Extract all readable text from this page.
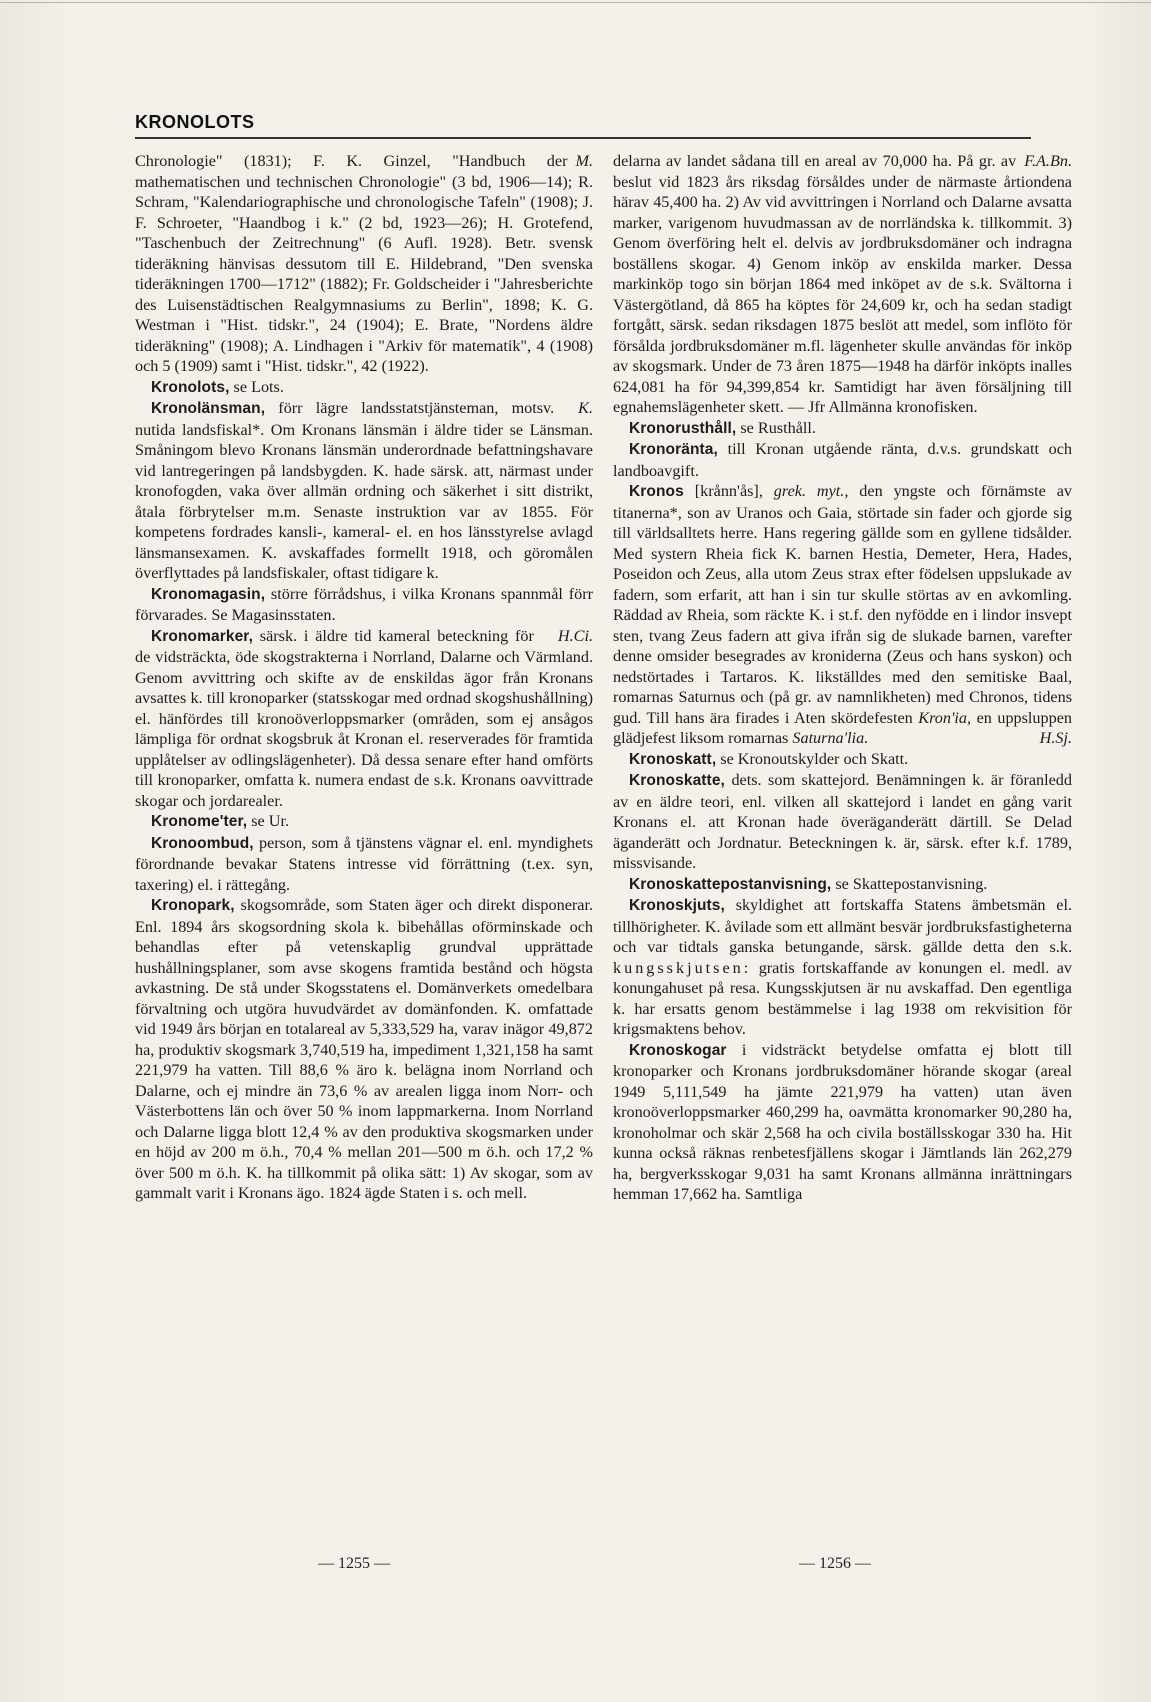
KRONOLOTS

M.
Chronologie" (1831); F. K. Ginzel, "Handbuch der mathematischen und technischen Chronologie" (3 bd, 1906—14); R. Schram, "Kalendariographische und chronologische Tafeln" (1908); J. F. Schroeter, "Haandbog i k." (2 bd, 1923—26); H. Grotefend, "Taschenbuch der Zeitrechnung" (6 Aufl. 1928). Betr. svensk tideräkning hänvisas dessutom till E. Hildebrand, "Den svenska tideräkningen 1700—1712" (1882); Fr. Goldscheider i "Jahresberichte des Luisenstädtischen Realgymnasiums zu Berlin", 1898; K. G. Westman i "Hist. tidskr.", 24 (1904); E. Brate, "Nordens äldre tideräkning" (1908); A. Lindhagen i "Arkiv för matematik", 4 (1908) och 5 (1909) samt i "Hist. tidskr.", 42 (1922).

Kronolots, se Lots.

Kronolänsman,	K.
förr lägre landsstatstjänsteman, motsv. nutida landsfiskal*. Om Kronans länsmän i äldre tider se Länsman. Småningom blevo Kronans länsmän underordnade befattningshavare vid lantregeringen på landsbygden. K. hade särsk. att, närmast under kronofogden, vaka över allmän ordning och säkerhet i sitt distrikt, åtala förbrytelser m.m. Senaste instruktion var av 1855. För kompetens fordrades kansli-, kameral- el. en hos länsstyrelse avlagd länsmansexamen. K. avskaffades formellt 1918, och göromålen överflyttades på landsfiskaler, oftast tidigare k.

Kronomagasin, större förrådshus, i vilka Kronans spannmål förr förvarades. Se Magasinsstaten.

Kronomarker,	H.Ci.
särsk. i äldre tid kameral beteckning för de vidsträckta, öde skogstrakterna i Norrland, Dalarne och Värmland. Genom avvittring och skifte av de enskildas ägor från Kronans avsattes k. till kronoparker (statsskogar med ordnad skogshushållning) el. hänfördes till kronoöverloppsmarker (områden, som ej ansågos lämpliga för ordnat skogsbruk åt Kronan el. reserverades för framtida upplåtelser av odlingslägenheter). Då dessa senare efter hand omförts till kronoparker, omfatta k. numera endast de s.k. Kronans oavvittrade skogar och jordarealer.

Kronome'ter, se Ur.

Kronoombud, person, som å tjänstens vägnar el. enl. myndighets förordnande bevakar Statens intresse vid förrättning (t.ex. syn, taxering) el. i rättegång.

Kronopark, skogsområde, som Staten äger och direkt disponerar. Enl. 1894 års skogsordning skola k. bibehållas oförminskade och behandlas efter på vetenskaplig grundval upprättade hushållningsplaner, som avse skogens framtida bestånd och högsta avkastning. De stå under Skogsstatens el. Domänverkets omedelbara förvaltning och utgöra huvudvärdet av domänfonden. K. omfattade vid 1949 års början en totalareal av 5,333,529 ha, varav inägor 49,872 ha, produktiv skogsmark 3,740,519 ha, impediment 1,321,158 ha samt 221,979 ha vatten. Till 88,6 % äro k. belägna inom Norrland och Dalarne, och ej mindre än 73,6 % av arealen ligga inom Norr- och Västerbottens län och över 50 % inom lappmarkerna. Inom Norrland och Dalarne ligga blott 12,4 % av den produktiva skogsmarken under en höjd av 200 m ö.h., 70,4 % mellan 201—500 m ö.h. och 17,2 % över 500 m ö.h. K. ha tillkommit på olika sätt: 1) Av skogar, som av gammalt varit i Kronans ägo. 1824 ägde Staten i s. och mell.

F.A.Bn.
delarna av landet sådana till en areal av 70,000 ha. På gr. av beslut vid 1823 års riksdag försåldes under de närmaste årtiondena härav 45,400 ha. 2) Av vid avvittringen i Norrland och Dalarne avsatta marker, varigenom huvudmassan av de norrländska k. tillkommit. 3) Genom överföring helt el. delvis av jordbruksdomäner och indragna boställens skogar. 4) Genom inköp av enskilda marker. Dessa markinköp togo sin början 1864 med inköpet av de s.k. Svältorna i Västergötland, då 865 ha köptes för 24,609 kr, och ha sedan stadigt fortgått, särsk. sedan riksdagen 1875 beslöt att medel, som inflöto för försålda jordbruksdomäner m.fl. lägenheter skulle användas för inköp av skogsmark. Under de 73 åren 1875—1948 ha därför inköpts inalles 624,081 ha för 94,399,854 kr. Samtidigt har även försäljning till egnahemslägenheter skett. — Jfr Allmänna kronofisken.

Kronorusthåll, se Rusthåll.

Kronoränta, till Kronan utgående ränta, d.v.s. grundskatt och landboavgift.

Kronos [krånn'ås], grek. myt., den yngste och förnämste av titanerna*, son av Uranos och Gaia, störtade sin fader och gjorde sig till världsalltets herre. Hans regering gällde som en gyllene tidsålder. Med systern Rheia fick K. barnen Hestia, Demeter, Hera, Hades, Poseidon och Zeus, alla utom Zeus strax efter födelsen uppslukade av fadern, som erfarit, att han i sin tur skulle störtas av en avkomling. Räddad av Rheia, som räckte K. i st.f. den nyfödde en i lindor insvept sten, tvang Zeus fadern att giva ifrån sig de slukade barnen, varefter denne omsider besegrades av kroniderna (Zeus och hans syskon) och nedstörtades i Tartaros. K. likställdes med den semitiske Baal, romarnas Saturnus och (på gr. av namnlikheten) med Chronos, tidens gud. Till hans ära firades i Aten skördefesten Kron'ia, en uppsluppen glädjefest liksom romarnas Saturna'lia.	H.Sj.

Kronoskatt, se Kronoutskylder och Skatt.

Kronoskatte, dets. som skattejord. Benämningen k. är föranledd av en äldre teori, enl. vilken all skattejord i landet en gång varit Kronans el. att Kronan hade överäganderätt därtill. Se Delad äganderätt och Jordnatur. Beteckningen k. är, särsk. efter k.f. 1789, missvisande.

Kronoskattepostanvisning, se Skattepostanvisning.

Kronoskjuts, skyldighet att fortskaffa Statens ämbetsmän el. tillhörigheter. K. åvilade som ett allmänt besvär jordbruksfastigheterna och var tidtals ganska betungande, särsk. gällde detta den s.k. kungsskjutsen: gratis fortskaffande av konungen el. medl. av konungahuset på resa. Kungsskjutsen är nu avskaffad. Den egentliga k. har ersatts genom bestämmelse i lag 1938 om rekvisition för krigsmaktens behov.

Kronoskogar i vidsträckt betydelse omfatta ej blott till kronoparker och Kronans jordbruksdomäner hörande skogar (areal 1949 5,111,549 ha jämte 221,979 ha vatten) utan även kronoöverloppsmarker 460,299 ha, oavmätta kronomarker 90,280 ha, kronoholmar och skär 2,568 ha och civila boställsskogar 330 ha. Hit kunna också räknas renbetesfjällens skogar i Jämtlands län 262,279 ha, bergverksskogar 9,031 ha samt Kronans allmänna inrättningars hemman 17,662 ha. Samtliga

— 1255 —	— 1256 —
